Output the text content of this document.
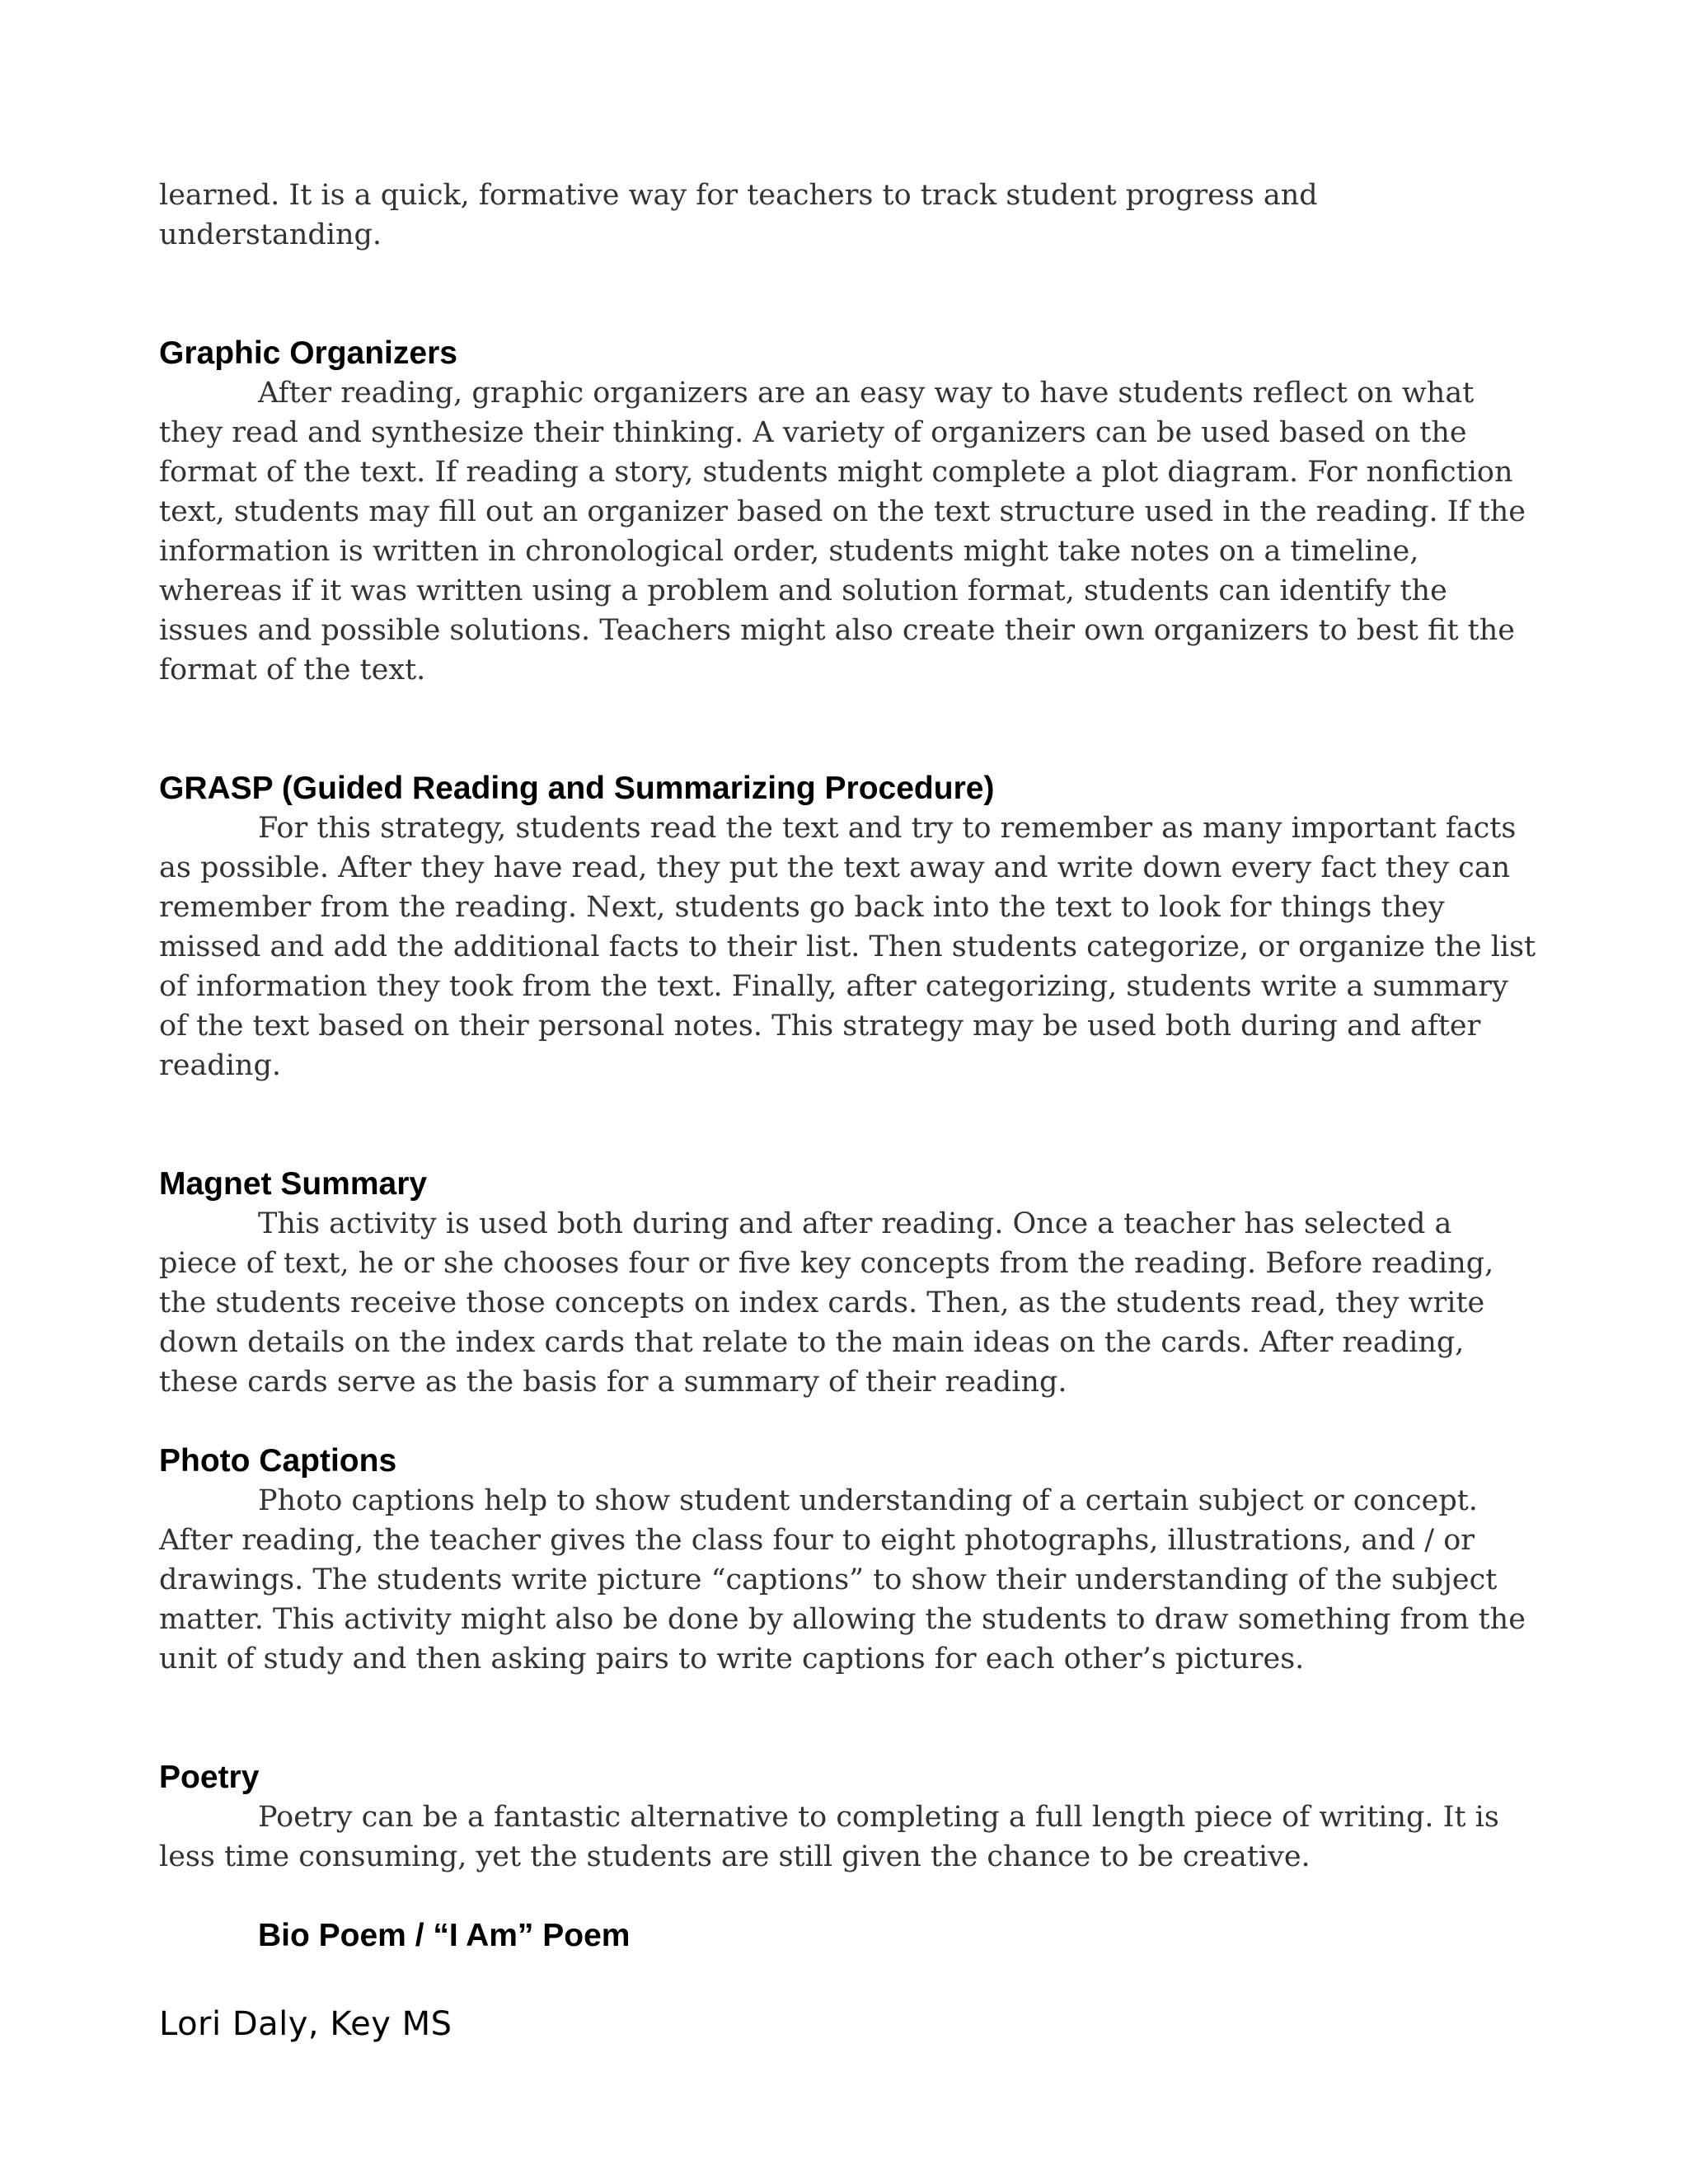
learned. It is a quick, formative way for teachers to track student progress and understanding.

Graphic Organizers

After reading, graphic organizers are an easy way to have students reflect on what they read and synthesize their thinking. A variety of organizers can be used based on the format of the text. If reading a story, students might complete a plot diagram. For nonfiction text, students may fill out an organizer based on the text structure used in the reading. If the information is written in chronological order, students might take notes on a timeline, whereas if it was written using a problem and solution format, students can identify the issues and possible solutions. Teachers might also create their own organizers to best fit the format of the text.

GRASP (Guided Reading and Summarizing Procedure)

For this strategy, students read the text and try to remember as many important facts as possible. After they have read, they put the text away and write down every fact they can remember from the reading. Next, students go back into the text to look for things they missed and add the additional facts to their list. Then students categorize, or organize the list of information they took from the text. Finally, after categorizing, students write a summary of the text based on their personal notes. This strategy may be used both during and after reading.

Magnet Summary

This activity is used both during and after reading. Once a teacher has selected a piece of text, he or she chooses four or five key concepts from the reading. Before reading, the students receive those concepts on index cards. Then, as the students read, they write down details on the index cards that relate to the main ideas on the cards. After reading, these cards serve as the basis for a summary of their reading.

Photo Captions

Photo captions help to show student understanding of a certain subject or concept. After reading, the teacher gives the class four to eight photographs, illustrations, and / or drawings. The students write picture “captions” to show their understanding of the subject matter. This activity might also be done by allowing the students to draw something from the unit of study and then asking pairs to write captions for each other’s pictures.

Poetry

Poetry can be a fantastic alternative to completing a full length piece of writing. It is less time consuming, yet the students are still given the chance to be creative.

Bio Poem / “I Am” Poem
Lori Daly, Key MS
